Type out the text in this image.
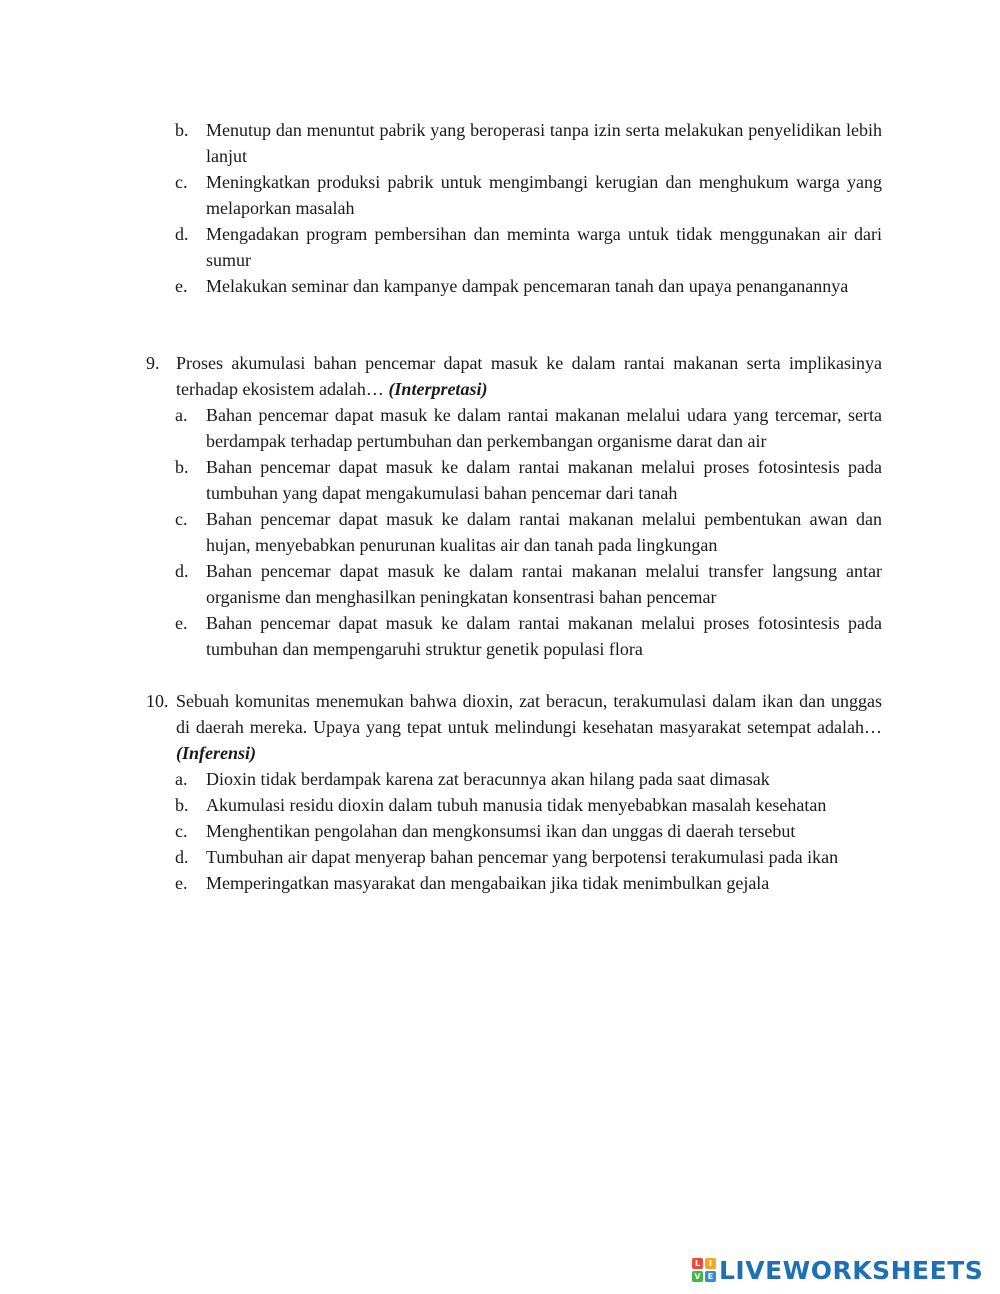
b. Menutup dan menuntut pabrik yang beroperasi tanpa izin serta melakukan penyelidikan lebih lanjut
c.	Meningkatkan produksi pabrik untuk mengimbangi kerugian dan menghukum warga yang melaporkan masalah
d. Mengadakan program pembersihan dan meminta warga untuk tidak menggunakan air dari sumur
e.	Melakukan seminar dan kampanye dampak pencemaran tanah dan upaya penanganannya
9. Proses akumulasi bahan pencemar dapat masuk ke dalam rantai makanan serta implikasinya terhadap ekosistem adalah… (Interpretasi)
a.	Bahan pencemar dapat masuk ke dalam rantai makanan melalui udara yang tercemar, serta berdampak terhadap pertumbuhan dan perkembangan organisme darat dan air
b. Bahan pencemar dapat masuk ke dalam rantai makanan melalui proses fotosintesis pada tumbuhan yang dapat mengakumulasi bahan pencemar dari tanah
c.	Bahan pencemar dapat masuk ke dalam rantai makanan melalui pembentukan awan dan hujan, menyebabkan penurunan kualitas air dan tanah pada lingkungan
d. Bahan pencemar dapat masuk ke dalam rantai makanan melalui transfer langsung antar organisme dan menghasilkan peningkatan konsentrasi bahan pencemar
e.	Bahan pencemar dapat masuk ke dalam rantai makanan melalui proses fotosintesis pada tumbuhan dan mempengaruhi struktur genetik populasi flora
10. Sebuah komunitas menemukan bahwa dioxin, zat beracun, terakumulasi dalam ikan dan unggas di daerah mereka. Upaya yang tepat untuk melindungi kesehatan masyarakat setempat adalah… (Inferensi)
a.	Dioxin tidak berdampak karena zat beracunnya akan hilang pada saat dimasak
b. Akumulasi residu dioxin dalam tubuh manusia tidak menyebabkan masalah kesehatan
c.	Menghentikan pengolahan dan mengkonsumsi ikan dan unggas di daerah tersebut
d. Tumbuhan air dapat menyerap bahan pencemar yang berpotensi terakumulasi pada ikan
e.	Memperingatkan masyarakat dan mengabaikan jika tidak menimbulkan gejala
L	I
V E LIVEWORKSHEETS
